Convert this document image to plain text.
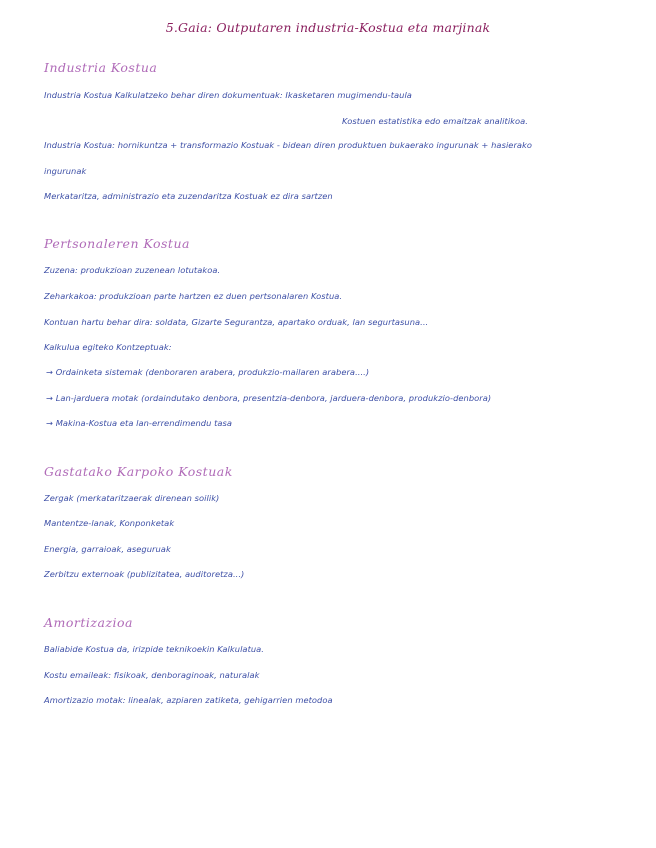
5.Gaia: Outputaren industria-Kostua eta marjinak
Industria Kostua
Industria Kostua Kalkulatzeko behar diren dokumentuak: Ikasketaren mugimendu-taula
Kostuen estatistika edo emaitzak analitikoa.
Industria Kostua: hornikuntza + transformazio Kostuak - bidean diren produktuen bukaerako ingurunak + hasierako
ingurunak
Merkataritza, administrazio eta zuzendaritza Kostuak ez dira sartzen
Pertsonaleren Kostua
Zuzena: produkzioan zuzenean lotutakoa.
Zeharkakoa: produkzioan parte hartzen ez duen pertsonalaren Kostua.
Kontuan hartu behar dira: soldata, Gizarte Segurantza, apartako orduak, lan segurtasuna...
Kalkulua egiteko Kontzeptuak:
→ Ordainketa sistemak (denboraren arabera, produkzio-mailaren arabera....)
→ Lan-jarduera motak (ordaindutako denbora, presentzia-denbora, jarduera-denbora, produkzio-denbora)
→ Makina-Kostua eta lan-errendimendu tasa
Gastatako Karpoko Kostuak
Zergak (merkataritzaerak direnean soilik)
Mantentze-lanak, Konponketak
Energia, garraioak, aseguruak
Zerbitzu externoak (publizitatea, auditoretza...)
Amortizazioa
Baliabide Kostua da, irizpide teknikoekin Kalkulatua.
Kostu emaileak: fisikoak, denboraginoak, naturalak
Amortizazio motak: linealak, azpiaren zatiketa, gehigarrien metodoa
